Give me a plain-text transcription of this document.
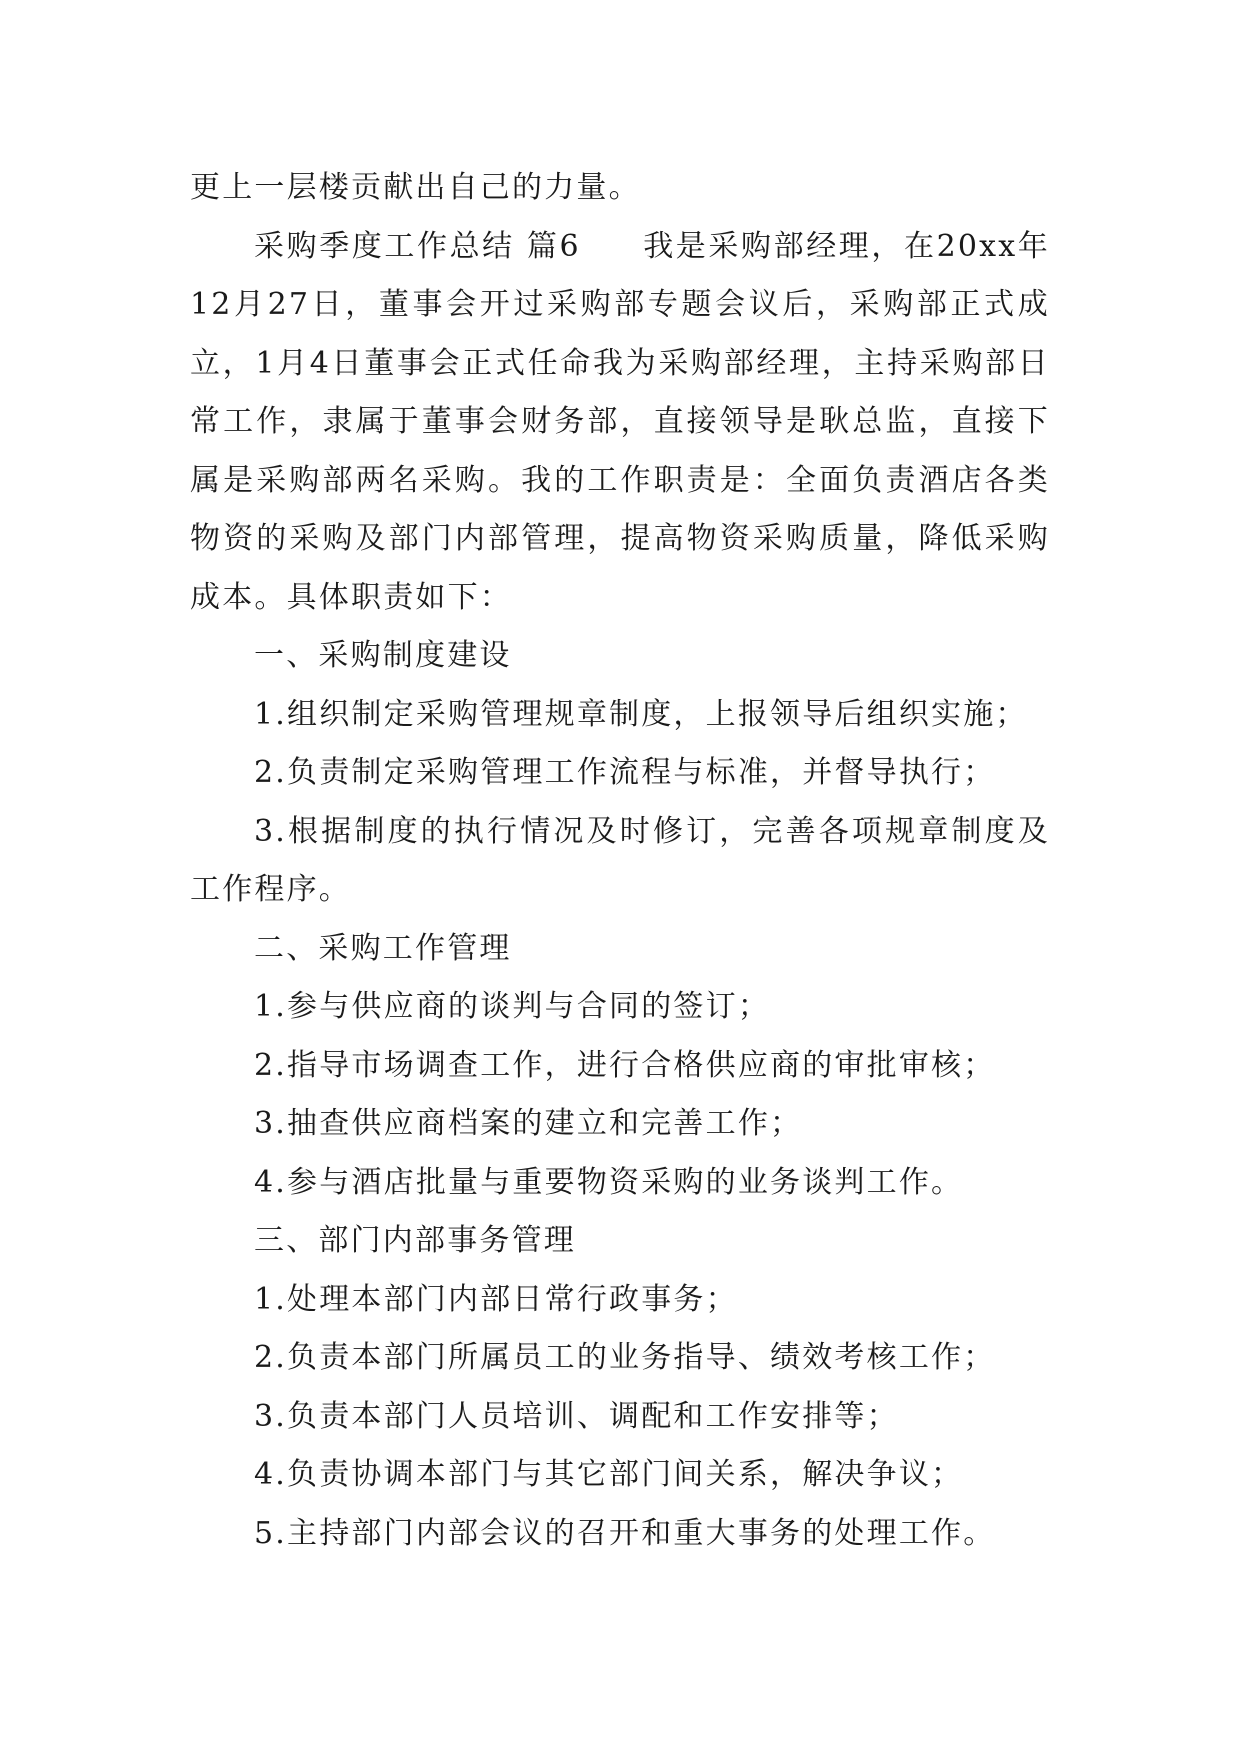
更上一层楼贡献出自己的力量。

采购季度工作总结 篇6 我是采购部经理，在20xx年12月27日，董事会开过采购部专题会议后，采购部正式成立，1月4日董事会正式任命我为采购部经理，主持采购部日常工作，隶属于董事会财务部，直接领导是耿总监，直接下属是采购部两名采购。我的工作职责是：全面负责酒店各类物资的采购及部门内部管理，提高物资采购质量，降低采购成本。具体职责如下：

一、采购制度建设

1.组织制定采购管理规章制度，上报领导后组织实施；

2.负责制定采购管理工作流程与标准，并督导执行；

3.根据制度的执行情况及时修订，完善各项规章制度及工作程序。

二、采购工作管理

1.参与供应商的谈判与合同的签订；

2.指导市场调查工作，进行合格供应商的审批审核；

3.抽查供应商档案的建立和完善工作；

4.参与酒店批量与重要物资采购的业务谈判工作。

三、部门内部事务管理

1.处理本部门内部日常行政事务；

2.负责本部门所属员工的业务指导、绩效考核工作；

3.负责本部门人员培训、调配和工作安排等；

4.负责协调本部门与其它部门间关系，解决争议；

5.主持部门内部会议的召开和重大事务的处理工作。
